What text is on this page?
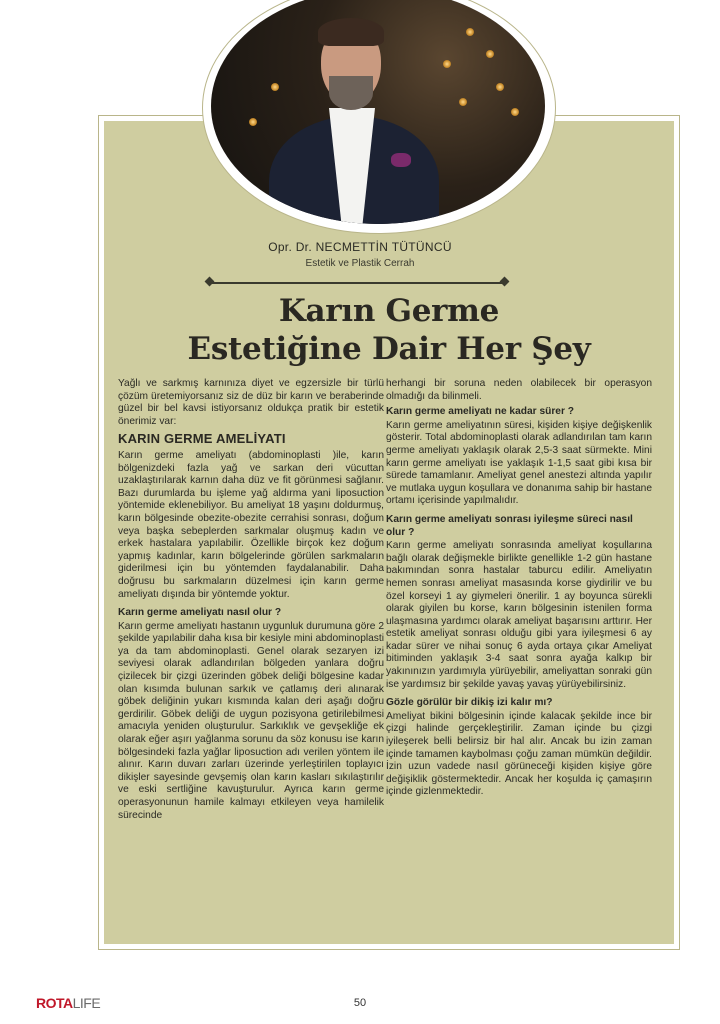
Opr. Dr. NECMETTİN TÜTÜNCÜ
Estetik ve Plastik Cerrah
Karın Germe
Estetiğine Dair Her Şey

Yağlı ve sarkmış karnınıza diyet ve egzersizle bir türlü çözüm üretemiyorsanız siz de düz bir karın ve beraberinde güzel bir bel kavsi istiyorsanız oldukça pratik bir estetik önerimiz var:

KARIN GERME AMELİYATI

Karın germe ameliyatı (abdominoplasti )ile, karın bölgenizdeki fazla yağ ve sarkan deri vücuttan uzaklaştırılarak karnın daha düz ve fit görünmesi sağlanır. Bazı durumlarda bu işleme yağ aldırma yani liposuction yöntemide eklenebiliyor. Bu ameliyat 18 yaşını doldurmuş, karın bölgesinde obezite-obezite cerrahisi sonrası, doğum veya başka sebeplerden sarkmalar oluşmuş kadın ve erkek hastalara yapılabilir. Özellikle birçok kez doğum yapmış kadınlar, karın bölgelerinde görülen sarkmaların giderilmesi için bu yöntemden faydalanabilir. Daha doğrusu bu sarkmaların düzelmesi için karın germe ameliyatı dışında bir yöntemde yoktur.

Karın germe ameliyatı nasıl olur ?

Karın germe ameliyatı hastanın uygunluk durumuna göre 2 şekilde yapılabilir daha kısa bir kesiyle mini abdominoplasti ya da tam abdominoplasti. Genel olarak sezaryen izi seviyesi olarak adlandırılan bölgeden yanlara doğru çizilecek bir çizgi üzerinden göbek deliği bölgesine kadar olan kısımda bulunan sarkık ve çatlamış deri alınarak göbek deliğinin yukarı kısmında kalan deri aşağı doğru gerdirilir. Göbek deliği de uygun pozisyona getirilebilmesi amacıyla yeniden oluşturulur. Sarkıklık ve gevşekliğe ek olarak eğer aşırı yağlanma sorunu da söz konusu ise karın bölgesindeki fazla yağlar liposuction adı verilen yöntem ile alınır. Karın duvarı zarları üzerinde yerleştirilen toplayıcı dikişler sayesinde gevşemiş olan karın kasları sıkılaştırılır ve eski sertliğine kavuşturulur. Ayrıca karın germe operasyonunun hamile kalmayı etkileyen veya hamilelik sürecinde

herhangi bir soruna neden olabilecek bir operasyon olmadığı da bilinmeli.

Karın germe ameliyatı ne kadar sürer ?

Karın germe ameliyatının süresi, kişiden kişiye değişkenlik gösterir. Total abdominoplasti olarak adlandırılan tam karın germe ameliyatı yaklaşık olarak 2,5-3 saat sürmekte. Mini karın germe ameliyatı ise yaklaşık 1-1,5 saat gibi kısa bir sürede tamamlanır. Ameliyat genel anestezi altında yapılır ve mutlaka uygun koşullara ve donanıma sahip bir hastane ortamı içerisinde yapılmalıdır.

Karın germe ameliyatı sonrası iyileşme süreci nasıl olur ?

Karın germe ameliyatı sonrasında ameliyat koşullarına bağlı olarak değişmekle birlikte genellikle 1-2 gün hastane bakımından sonra hastalar taburcu edilir. Ameliyatın hemen sonrası ameliyat masasında korse giydirilir ve bu özel korseyi 1 ay giymeleri önerilir. 1 ay boyunca sürekli olarak giyilen bu korse, karın bölgesinin istenilen forma ulaşmasına yardımcı olarak ameliyat başarısını arttırır. Her estetik ameliyat sonrası olduğu gibi yara iyileşmesi 6 ay kadar sürer ve nihai sonuç 6 ayda ortaya çıkar Ameliyat bitiminden yaklaşık 3-4 saat sonra ayağa kalkıp bir yakınınızın yardımıyla yürüyebilir, ameliyattan sonraki gün ise yardımsız bir şekilde yavaş yavaş yürüyebilirsiniz.

Gözle görülür bir dikiş izi kalır mı?

Ameliyat bikini bölgesinin içinde kalacak şekilde ince bir çizgi halinde gerçekleştirilir. Zaman içinde bu çizgi iyileşerek belli belirsiz bir hal alır. Ancak bu izin zaman içinde tamamen kaybolması çoğu zaman mümkün değildir. İzin uzun vadede nasıl görüneceği kişiden kişiye göre değişiklik göstermektedir. Ancak her koşulda iç çamaşırın içinde gizlenmektedir.

ROTALIFE	50
